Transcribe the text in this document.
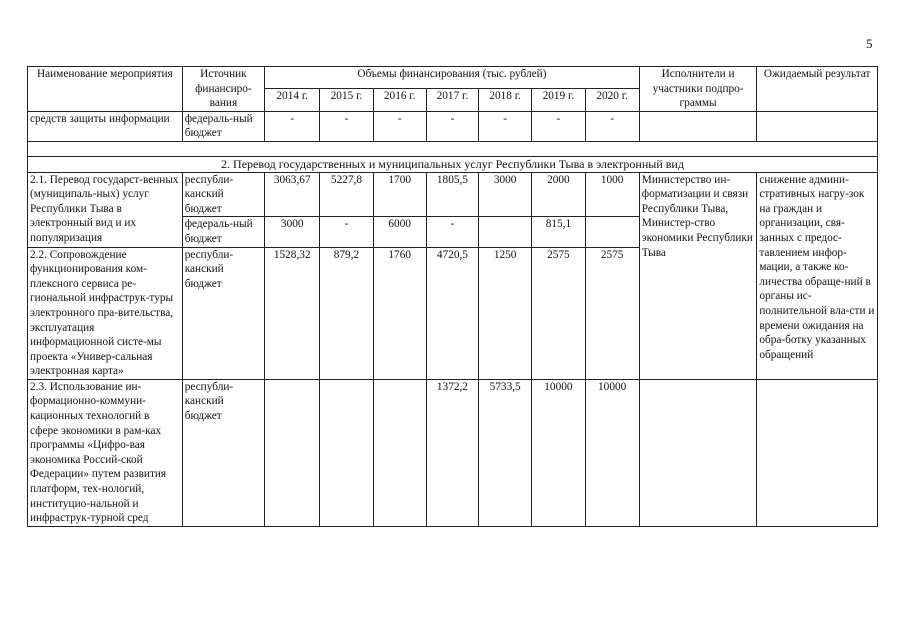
5
Наименование мероприятия	Источник финансиро-вания	Объемы финансирования (тыс. рублей)							Исполнители и участники подпро-граммы	Ожидаемый результат
		2014 г.	2015 г.	2016 г.	2017 г.	2018 г.	2019 г.	2020 г.		
средств защиты информации	федераль-ный бюджет	-	-	-	-	-	-	-		

2. Перевод государственных и муниципальных услуг Республики Тыва в электронный вид										
2.1. Перевод государст-венных (муниципаль-ных) услуг Республики Тыва в электронный вид и их популяризация	республи-канский бюджет	3063,67	5227,8	1700	1805,5	3000	2000	1000	Министерство ин-форматизации и связи Республики Тыва, Министер-ство экономики Республики Тыва	снижение админи-стративных нагру-зок на граждан и организации, свя-занных с предос-тавлением инфор-мации, а также ко-личества обраще-ний в органы ис-полнительной вла-сти и времени ожидания на обра-ботку указанных обращений
	федераль-ный бюджет	3000	-	6000	-		815,1			
2.2. Сопровождение функционирования ком-плексного сервиса ре-гиональной инфраструк-туры электронного пра-вительства, эксплуатация информационной систе-мы проекта «Универ-сальная электронная карта»	республи-канский бюджет	1528,32	879,2	1760	4720,5	1250	2575	2575		
2.3. Использование ин-формационно-коммуни-кационных технологий в сфере экономики в рам-ках программы «Цифро-вая экономика Россий-ской Федерации» путем развития платформ, тех-нологий, институцио-нальной и инфраструк-турной сред	республи-канский бюджет				1372,2	5733,5	10000	10000		
